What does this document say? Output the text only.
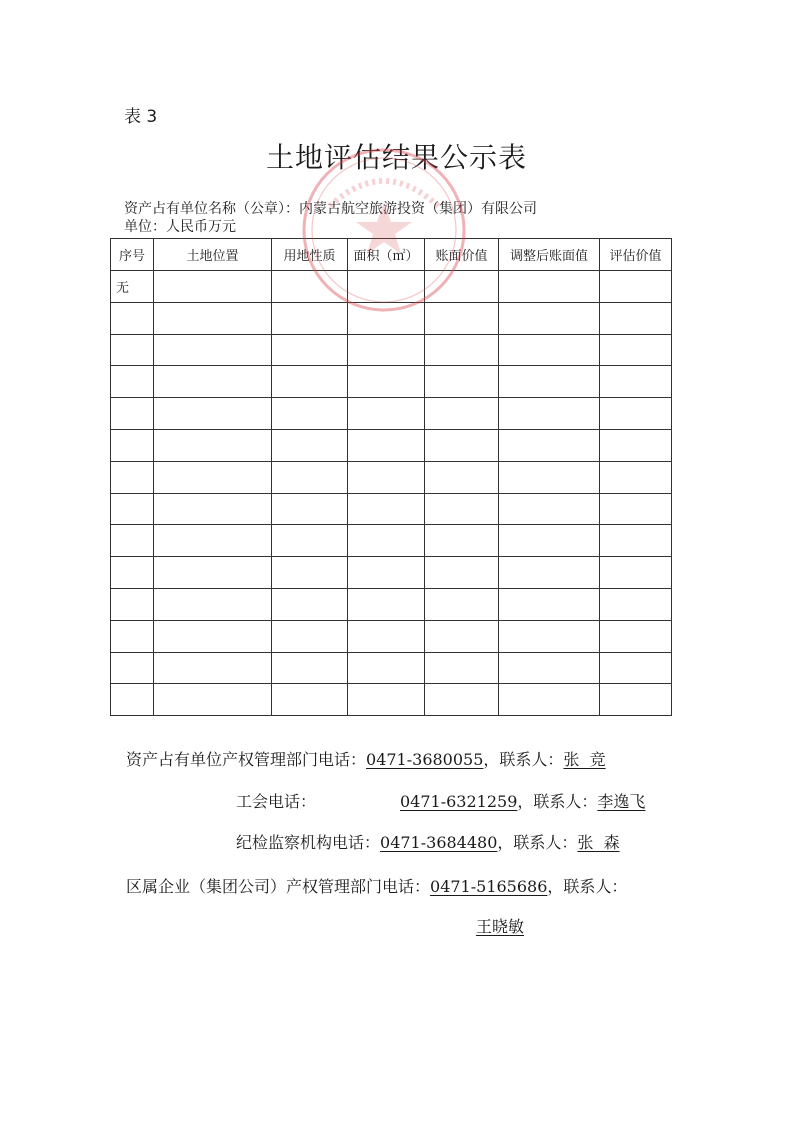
表 3
土地评估结果公示表
资产占有单位名称（公章）：内蒙古航空旅游投资（集团）有限公司
单位：人民币万元
序号	土地位置	用地性质	面积（㎡）	账面价值	调整后账面值	评估价值
无						

资产占有单位产权管理部门电话：0471-3680055，联系人：张  竞
工会电话：	0471-6321259，联系人：李逸飞
纪检监察机构电话：0471-3684480，联系人：张  森
区属企业（集团公司）产权管理部门电话：0471-5165686，联系人：
王晓敏
